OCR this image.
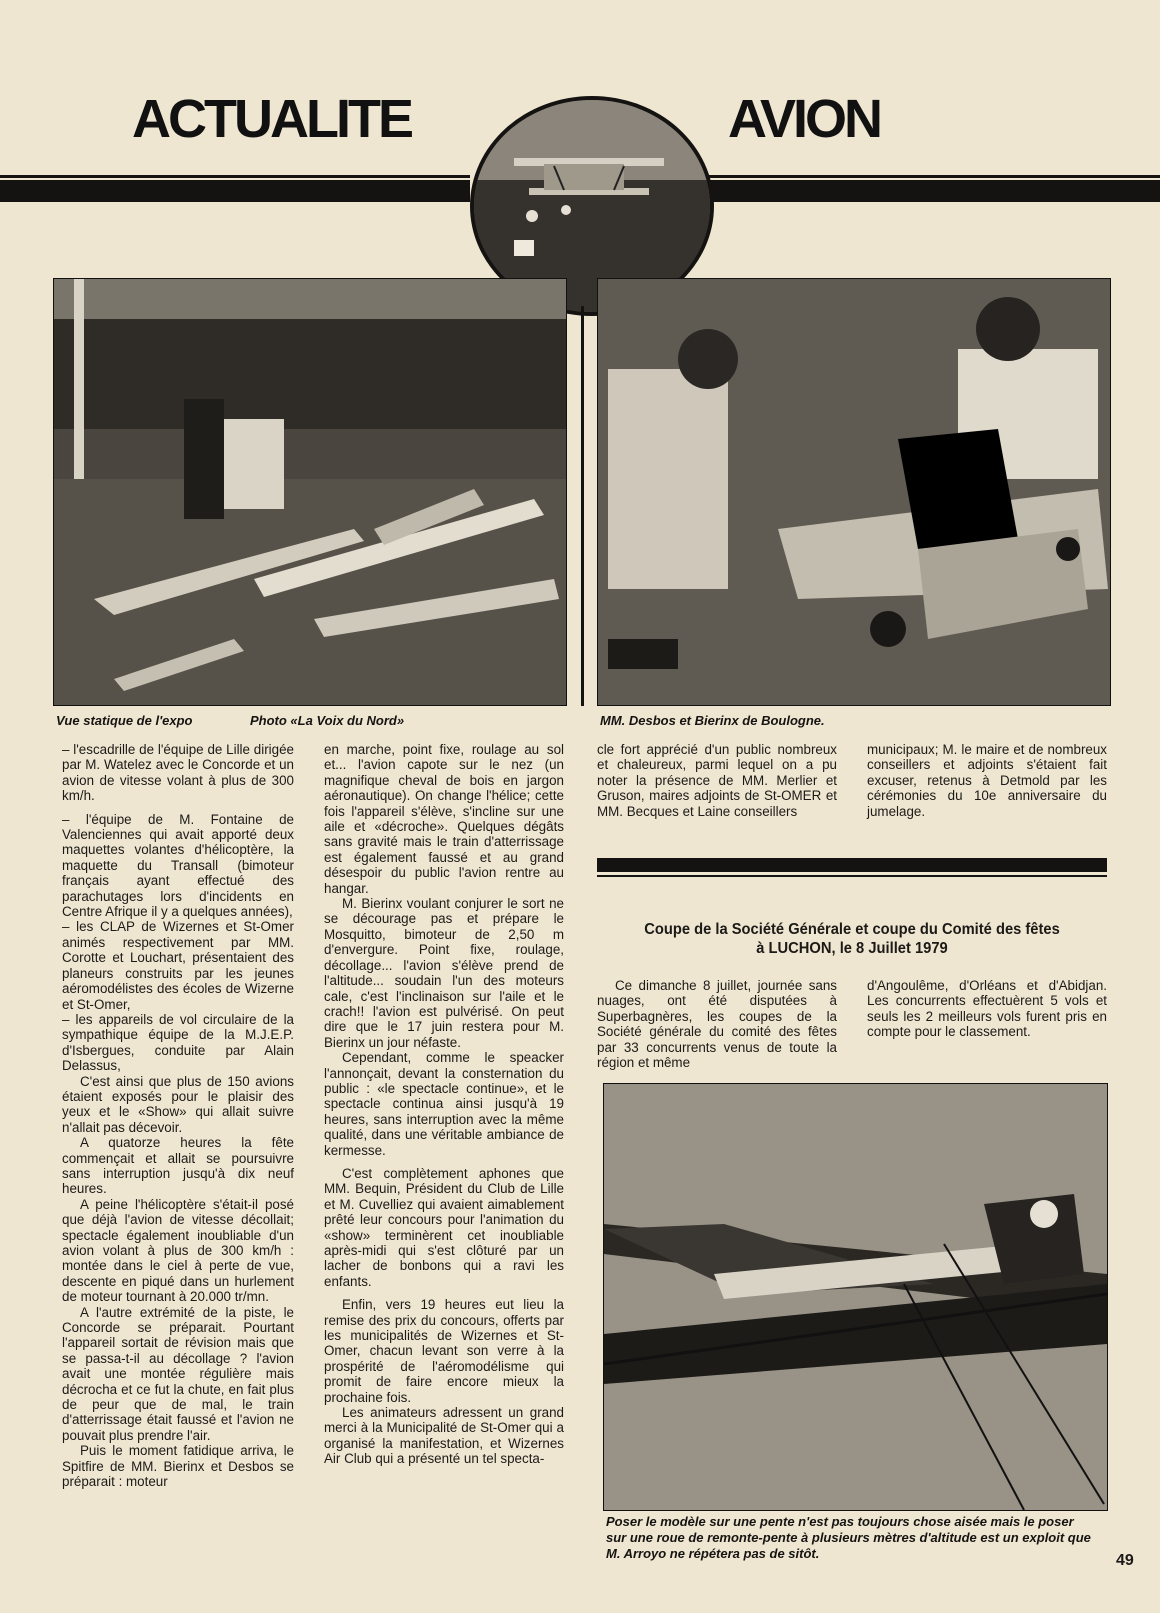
ACTUALITE	AVION
Vue statique de l'expo	Photo «La Voix du Nord»	MM. Desbos et Bierinx de Boulogne.

– l'escadrille de l'équipe de Lille dirigée par M. Watelez avec le Concorde et un avion de vitesse volant à plus de 300 km/h.

– l'équipe de M. Fontaine de Valenciennes qui avait apporté deux maquettes volantes d'hélicoptère, la maquette du Transall (bimoteur français ayant effectué des parachutages lors d'incidents en Centre Afrique il y a quelques années),

– les CLAP de Wizernes et St-Omer animés respectivement par MM. Corotte et Louchart, présentaient des planeurs construits par les jeunes aéromodélistes des écoles de Wizerne et St-Omer,

– les appareils de vol circulaire de la sympathique équipe de la M.J.E.P. d'Isbergues, conduite par Alain Delassus,

C'est ainsi que plus de 150 avions étaient exposés pour le plaisir des yeux et le «Show» qui allait suivre n'allait pas décevoir.

A quatorze heures la fête commençait et allait se poursuivre sans interruption jusqu'à dix neuf heures.

A peine l'hélicoptère s'était-il posé que déjà l'avion de vitesse décollait; spectacle également inoubliable d'un avion volant à plus de 300 km/h : montée dans le ciel à perte de vue, descente en piqué dans un hurlement de moteur tournant à 20.000 tr/mn.

A l'autre extrémité de la piste, le Concorde se préparait. Pourtant l'appareil sortait de révision mais que se passa-t-il au décollage ? l'avion avait une montée régulière mais décrocha et ce fut la chute, en fait plus de peur que de mal, le train d'atterrissage était faussé et l'avion ne pouvait plus prendre l'air.

Puis le moment fatidique arriva, le Spitfire de MM. Bierinx et Desbos se préparait : moteur

en marche, point fixe, roulage au sol et... l'avion capote sur le nez (un magnifique cheval de bois en jargon aéronautique). On change l'hélice; cette fois l'appareil s'élève, s'incline sur une aile et «décroche». Quelques dégâts sans gravité mais le train d'atterrissage est également faussé et au grand désespoir du public l'avion rentre au hangar.

M. Bierinx voulant conjurer le sort ne se décourage pas et prépare le Mosquitto, bimoteur de 2,50 m d'envergure. Point fixe, roulage, décollage... l'avion s'élève prend de l'altitude... soudain l'un des moteurs cale, c'est l'inclinaison sur l'aile et le crach!! l'avion est pulvérisé. On peut dire que le 17 juin restera pour M. Bierinx un jour néfaste.

Cependant, comme le speacker l'annonçait, devant la consternation du public : «le spectacle continue», et le spectacle continua ainsi jusqu'à 19 heures, sans interruption avec la même qualité, dans une véritable ambiance de kermesse.

C'est complètement aphones que MM. Bequin, Président du Club de Lille et M. Cuvelliez qui avaient aimablement prêté leur concours pour l'animation du «show» terminèrent cet inoubliable après-midi qui s'est clôturé par un lacher de bonbons qui a ravi les enfants.

Enfin, vers 19 heures eut lieu la remise des prix du concours, offerts par les municipalités de Wizernes et St-Omer, chacun levant son verre à la prospérité de l'aéromodélisme qui promit de faire encore mieux la prochaine fois.

Les animateurs adressent un grand merci à la Municipalité de St-Omer qui a organisé la manifestation, et Wizernes Air Club qui a présenté un tel specta-

cle fort apprécié d'un public nombreux et chaleureux, parmi lequel on a pu noter la présence de MM. Merlier et Gruson, maires adjoints de St-OMER et MM. Becques et Laine conseillers

municipaux; M. le maire et de nombreux conseillers et adjoints s'étaient fait excuser, retenus à Detmold par les cérémonies du 10e anniversaire du jumelage.

Coupe de la Société Générale et coupe du Comité des fêtes
à LUCHON, le 8 Juillet 1979

Ce dimanche 8 juillet, journée sans nuages, ont été disputées à Superbagnères, les coupes de la Société générale du comité des fêtes par 33 concurrents venus de toute la région et même

d'Angoulême, d'Orléans et d'Abidjan. Les concurrents effectuèrent 5 vols et seuls les 2 meilleurs vols furent pris en compte pour le classement.

Poser le modèle sur une pente n'est pas toujours chose aisée mais le poser sur une roue de remonte-pente à plusieurs mètres d'altitude est un exploit que M. Arroyo ne répétera pas de sitôt.	49
